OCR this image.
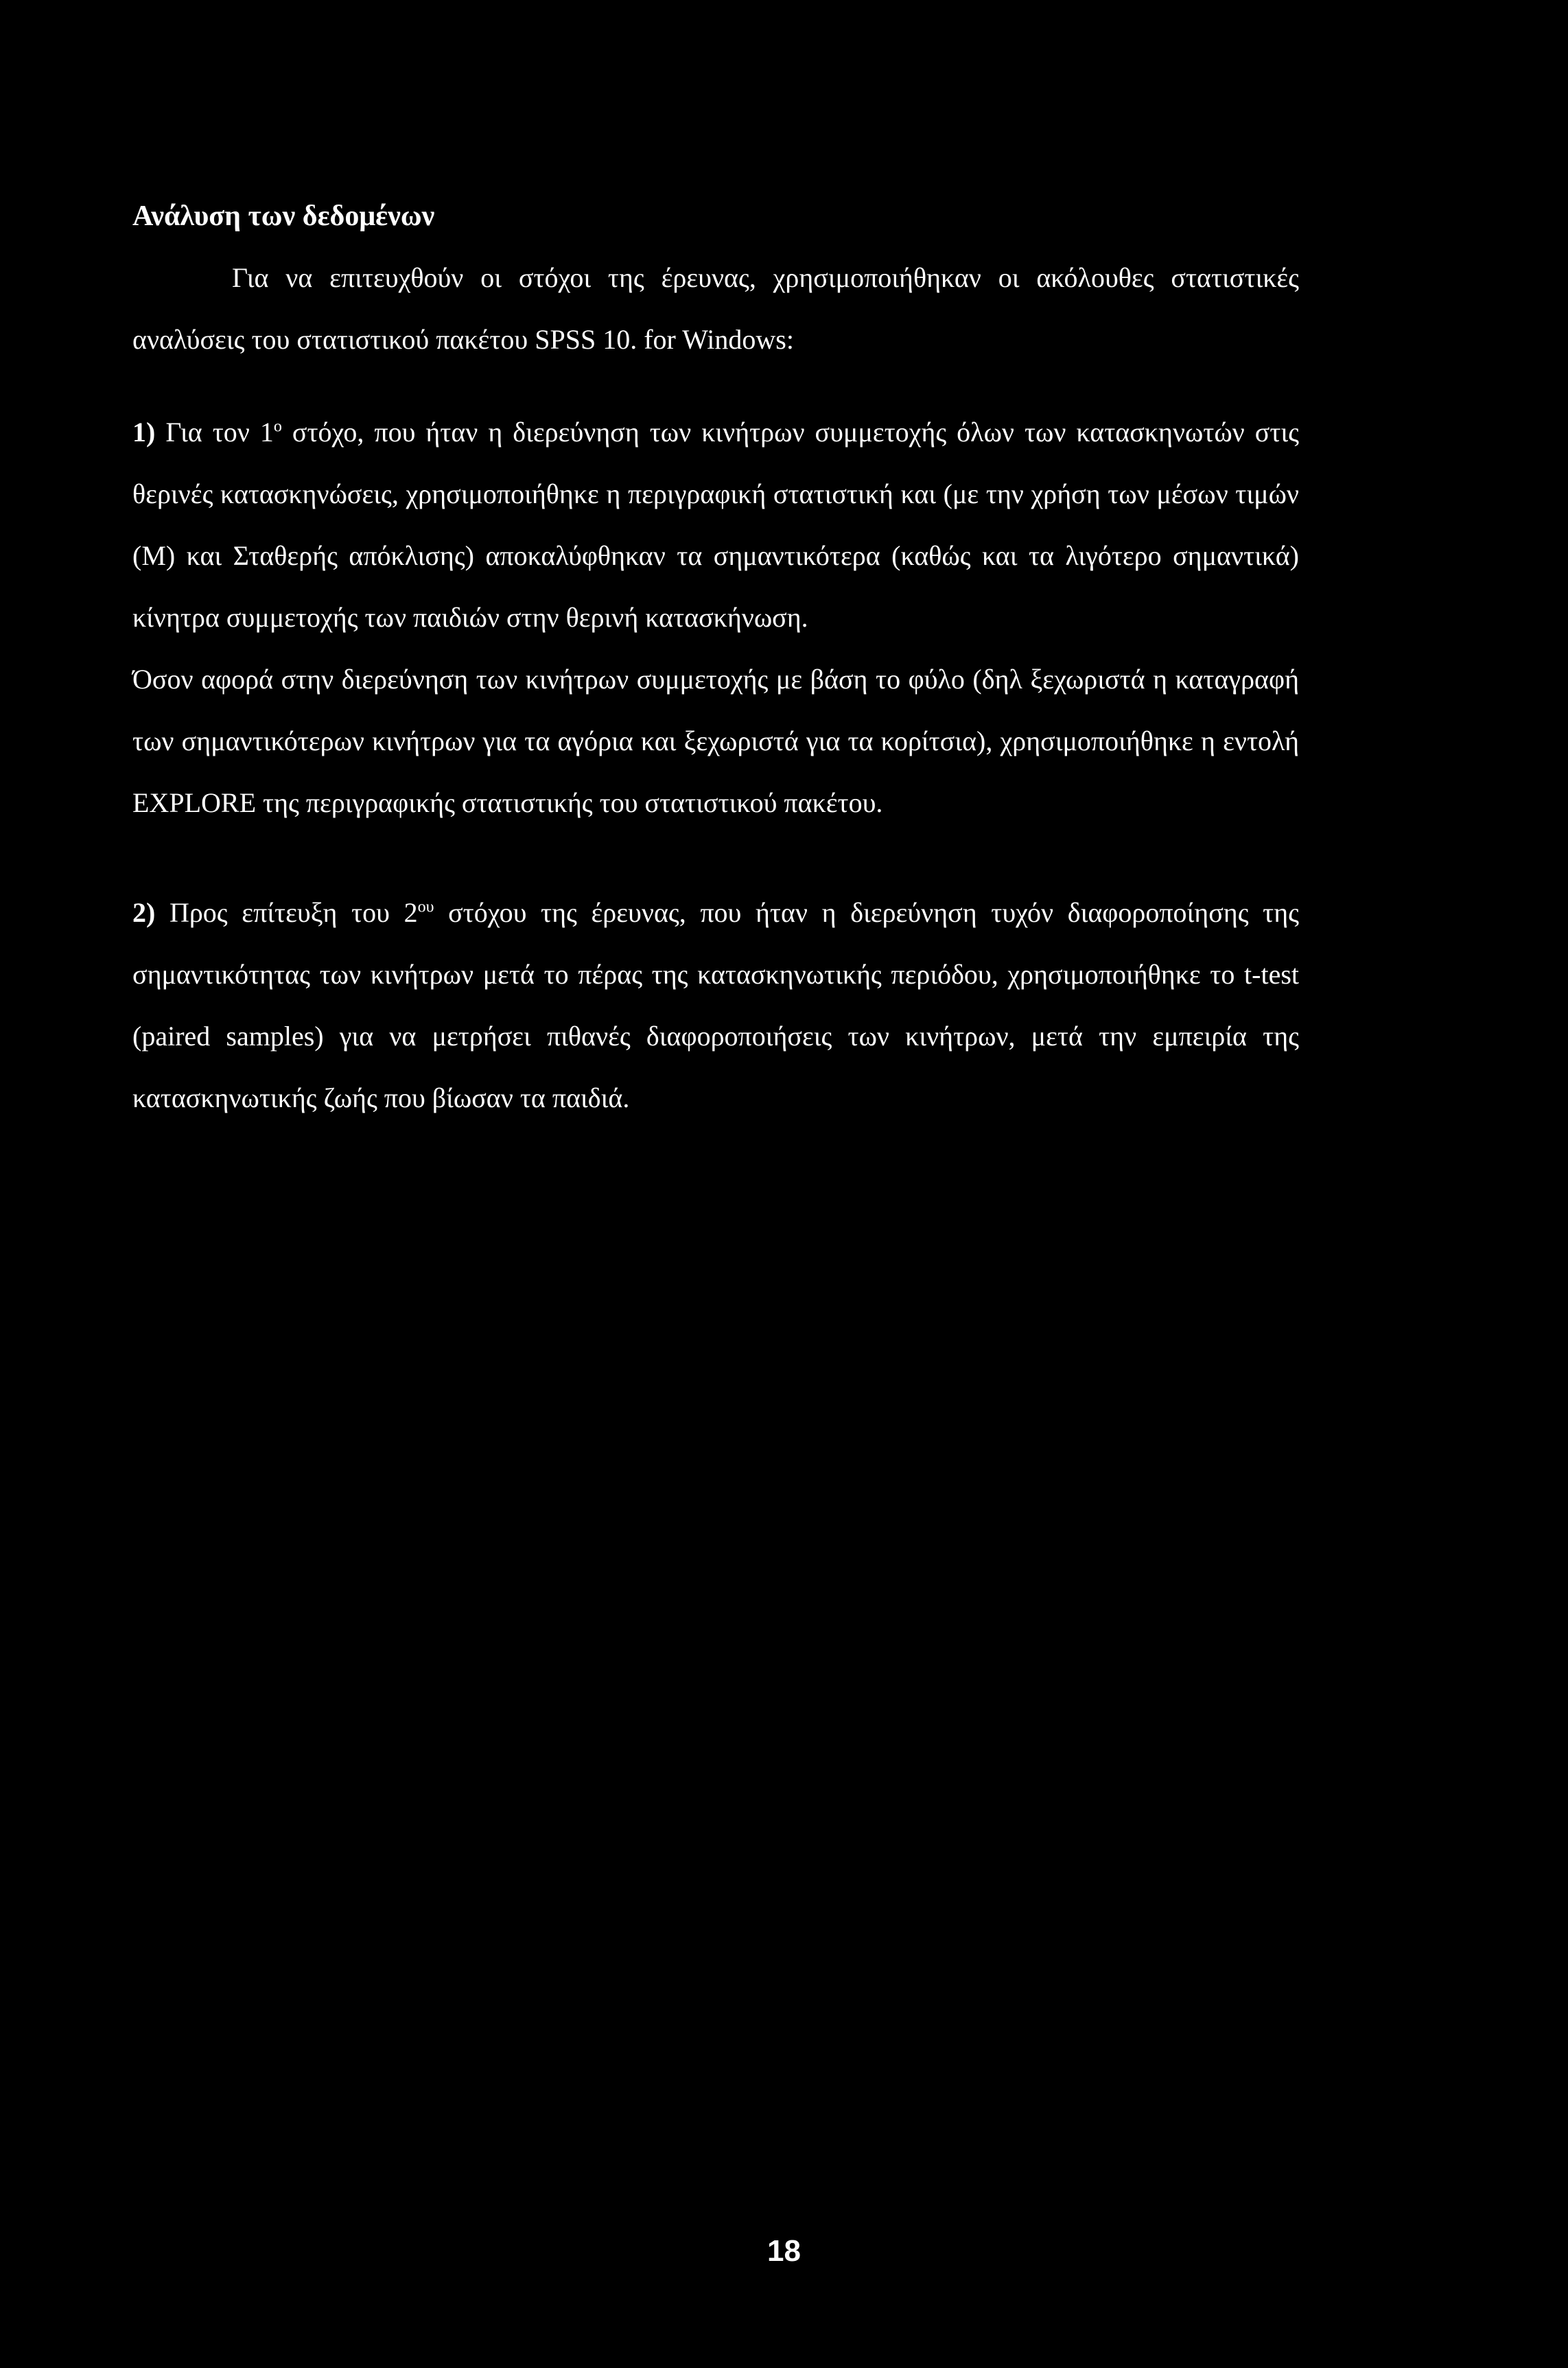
Ανάλυση των δεδομένων

Για να επιτευχθούν οι στόχοι της έρευνας, χρησιμοποιήθηκαν οι ακόλουθες στατιστικές αναλύσεις του στατιστικού πακέτου SPSS 10. for Windows:

1) Για τον $1^o$ στόχο, που ήταν η διερεύνηση των κινήτρων συμμετοχής όλων των κατασκηνωτών στις θερινές κατασκηνώσεις, χρησιμοποιήθηκε η περιγραφική στατιστική και (με την χρήση των μέσων τιμών (M) και Σταθερής απόκλισης) αποκαλύφθηκαν τα σημαντικότερα (καθώς και τα λιγότερο σημαντικά) κίνητρα συμμετοχής των παιδιών στην θερινή κατασκήνωση.

Όσον αφορά στην διερεύνηση των κινήτρων συμμετοχής με βάση το φύλο (δηλ ξεχωριστά η καταγραφή των σημαντικότερων κινήτρων για τα αγόρια και ξεχωριστά για τα κορίτσια), χρησιμοποιήθηκε η εντολή EXPLORE της περιγραφικής στατιστικής του στατιστικού πακέτου.

2) Προς επίτευξη του $2^{o\upsilon}$ στόχου της έρευνας, που ήταν η διερεύνηση τυχόν διαφοροποίησης της σημαντικότητας των κινήτρων μετά το πέρας της κατασκηνωτικής περιόδου, χρησιμοποιήθηκε το t-test (paired samples) για να μετρήσει πιθανές διαφοροποιήσεις των κινήτρων, μετά την εμπειρία της κατασκηνωτικής ζωής που βίωσαν τα παιδιά.

18
